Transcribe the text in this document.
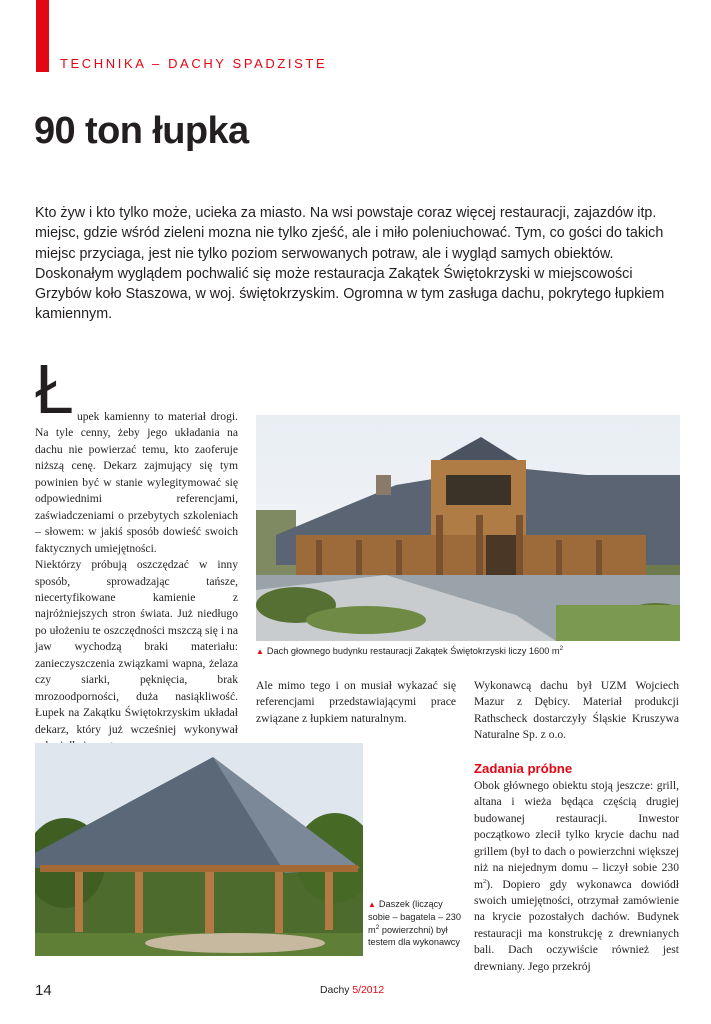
TECHNIKA – DACHY SPADZISTE
90 ton łupka

Kto żyw i kto tylko może, ucieka za miasto. Na wsi powstaje coraz więcej restauracji, zajazdów itp. miejsc, gdzie wśród zieleni mozna nie tylko zjeść, ale i miło poleniuchować. Tym, co gości do takich miejsc przyciaga, jest nie tylko poziom serwowanych potraw, ale i wygląd samych obiektów.

Doskonałym wyglądem pochwalić się może restauracja Zakątek Świętokrzyski w miejscowości Grzybów koło Staszowa, w woj. świętokrzyskim. Ogromna w tym zasługa dachu, pokrytego łupkiem kamiennym.

Ł upek kamienny to materiał drogi. Na tyle cenny, żeby jego układania na dachu nie powierzać temu, kto zaoferuje niższą cenę. Dekarz zajmujący się tym powinien być w stanie wylegitymować się odpowiednimi referencjami, zaświadczeniami o przebytych szkoleniach – słowem: w jakiś sposób dowieść swoich faktycznych umiejętności.

Niektórzy próbują oszczędzać w inny sposób, sprowadzając tańsze, niecertyfikowane kamienie z najróżniejszych stron świata. Już niedługo po ułożeniu te oszczędności mszczą się i na jaw wychodzą braki materiału: zanieczyszczenia związkami wapna, żelaza czy siarki, pęknięcia, brak mrozoodporności, duża nasiąkliwość. Łupek na Zakątku Świętokrzyskim układał dekarz, który już wcześniej wykonywał

▲ Dach głownego budynku restauracji Zakątek Świętokrzyski liczy 1600 $m^2$

Ale mimo tego i on musiał wykazać się referencjami przedstawiającymi prace związane z łupkiem naturalnym.

Wykonawcą dachu był UZM Wojciech Mazur z Dębicy. Materiał produkcji Rathscheck dostarczyły Śląskie Kruszywa Naturalne Sp. z o.o.

Zadania próbne

Obok głównego obiektu stoją jeszcze: grill, altana i wieża będąca częścią drugiej budowanej restauracji. Inwestor początkowo zlecił tylko krycie dachu nad grillem (był to dach o powierzchni większej niż na niejednym domu – liczył sobie 230 $m^2$). Dopiero gdy wykonawca dowiódł swoich umiejętności, otrzymał zamówienie na krycie pozostałych dachów. Budynek restauracji ma konstrukcję z drewnianych bali. Dach oczywiście również jest drewniany. Jego przekrój

▲ Daszek (liczący sobie – bagatela – 230 $m^2$ powierzchni) był testem dla wykonawcy
14	Dachy 5/2012
